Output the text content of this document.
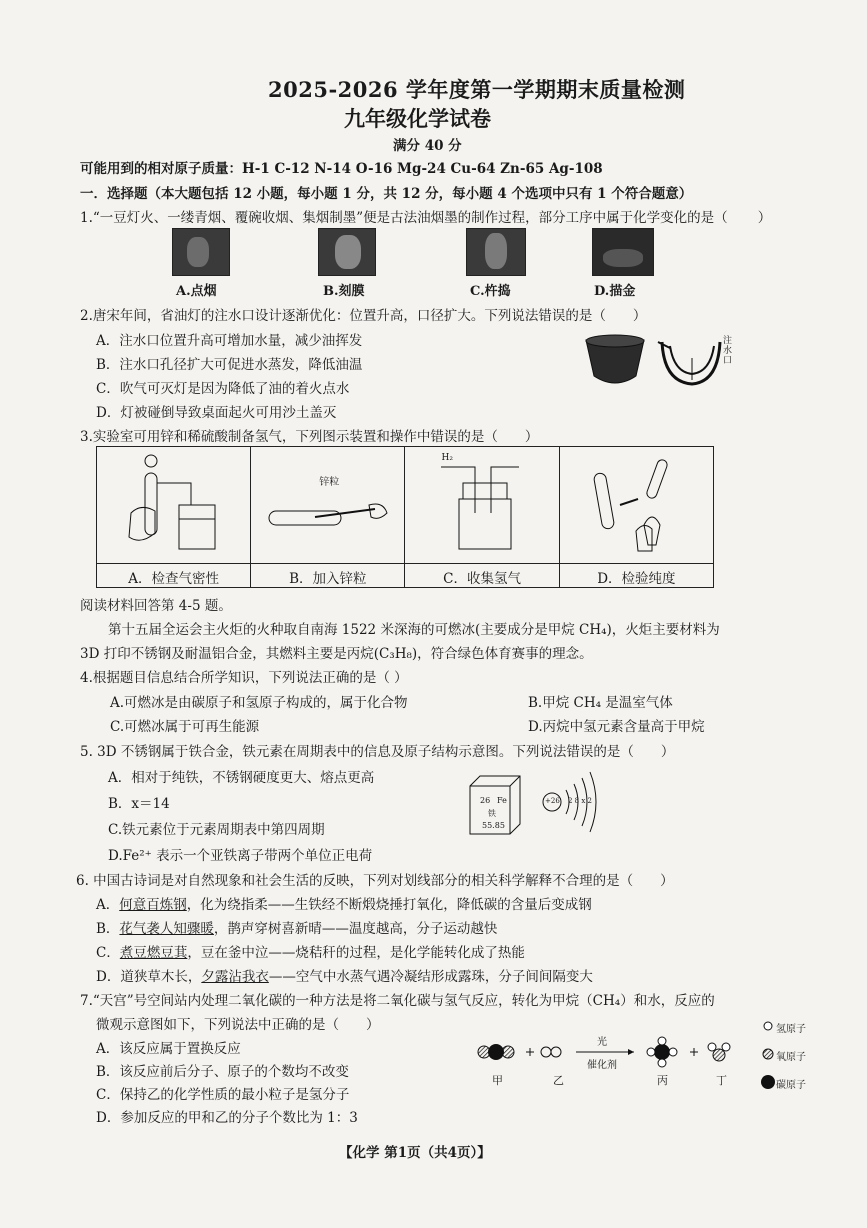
2025-2026 学年度第一学期期末质量检测
九年级化学试卷
满分 40 分
可能用到的相对原子质量：H-1 C-12 N-14 O-16 Mg-24 Cu-64 Zn-65 Ag-108
一．选择题（本大题包括 12 小题，每小题 1 分，共 12 分，每小题 4 个选项中只有 1 个符合题意）
1.“一豆灯火、一缕青烟、覆碗收烟、集烟制墨”便是古法油烟墨的制作过程，部分工序中属于化学变化的是（ ）
A.点烟	B.刻膜	C.杵捣	D.描金
2.唐宋年间，省油灯的注水口设计逐渐优化：位置升高，口径扩大。下列说法错误的是（　　）
A．注水口位置升高可增加水量，减少油挥发
B．注水口孔径扩大可促进水蒸发，降低油温
C．吹气可灭灯是因为降低了油的着火点水
D．灯被碰倒导致桌面起火可用沙土盖灭
注水口
3.实验室可用锌和稀硫酸制备氢气，下列图示装置和操作中错误的是（　　）

锌粒	H₂

A．检查气密性	B．加入锌粒	C．收集氢气	D．检验纯度
阅读材料回答第 4-5 题。
第十五届全运会主火炬的火种取自南海 1522 米深海的可燃冰(主要成分是甲烷 CH₄)，火炬主要材料为
3D 打印不锈钢及耐温铝合金，其燃料主要是丙烷(C₃H₈)，符合绿色体育赛事的理念。
4.根据题目信息结合所学知识，下列说法正确的是（ ）
A.可燃冰是由碳原子和氢原子构成的，属于化合物	B.甲烷 CH₄ 是温室气体
C.可燃冰属于可再生能源	D.丙烷中氢元素含量高于甲烷
5. 3D 不锈钢属于铁合金，铁元素在周期表中的信息及原子结构示意图。下列说法错误的是（　　）
A．相对于纯铁，不锈钢硬度更大、熔点更高
B．x＝14
C.铁元素位于元素周期表中第四周期
D.Fe²⁺ 表示一个亚铁离子带两个单位正电荷
26 Fe
铁
55.85
+26 2 8 x 2
6. 中国古诗词是对自然现象和社会生活的反映，下列对划线部分的相关科学解释不合理的是（　　）
A．何意百炼钢，化为绕指柔——生铁经不断煅烧捶打氧化，降低碳的含量后变成钢
B．花气袭人知骤暖，鹊声穿树喜新晴——温度越高，分子运动越快
C．煮豆燃豆萁，豆在釜中泣——烧秸秆的过程，是化学能转化成了热能
D．道狭草木长，夕露沾我衣——空气中水蒸气遇冷凝结形成露珠，分子间间隔变大
7.“天宫”号空间站内处理二氧化碳的一种方法是将二氧化碳与氢气反应，转化为甲烷（CH₄）和水，反应的
微观示意图如下，下列说法中正确的是（　　）
A．该反应属于置换反应
B．该反应前后分子、原子的个数均不改变
C．保持乙的化学性质的最小粒子是氢分子
D．参加反应的甲和乙的分子个数比为 1：3
光
催化剂
甲	乙	丙	丁
氢原子
氧原子
碳原子
【化学 第1页（共4页）】
